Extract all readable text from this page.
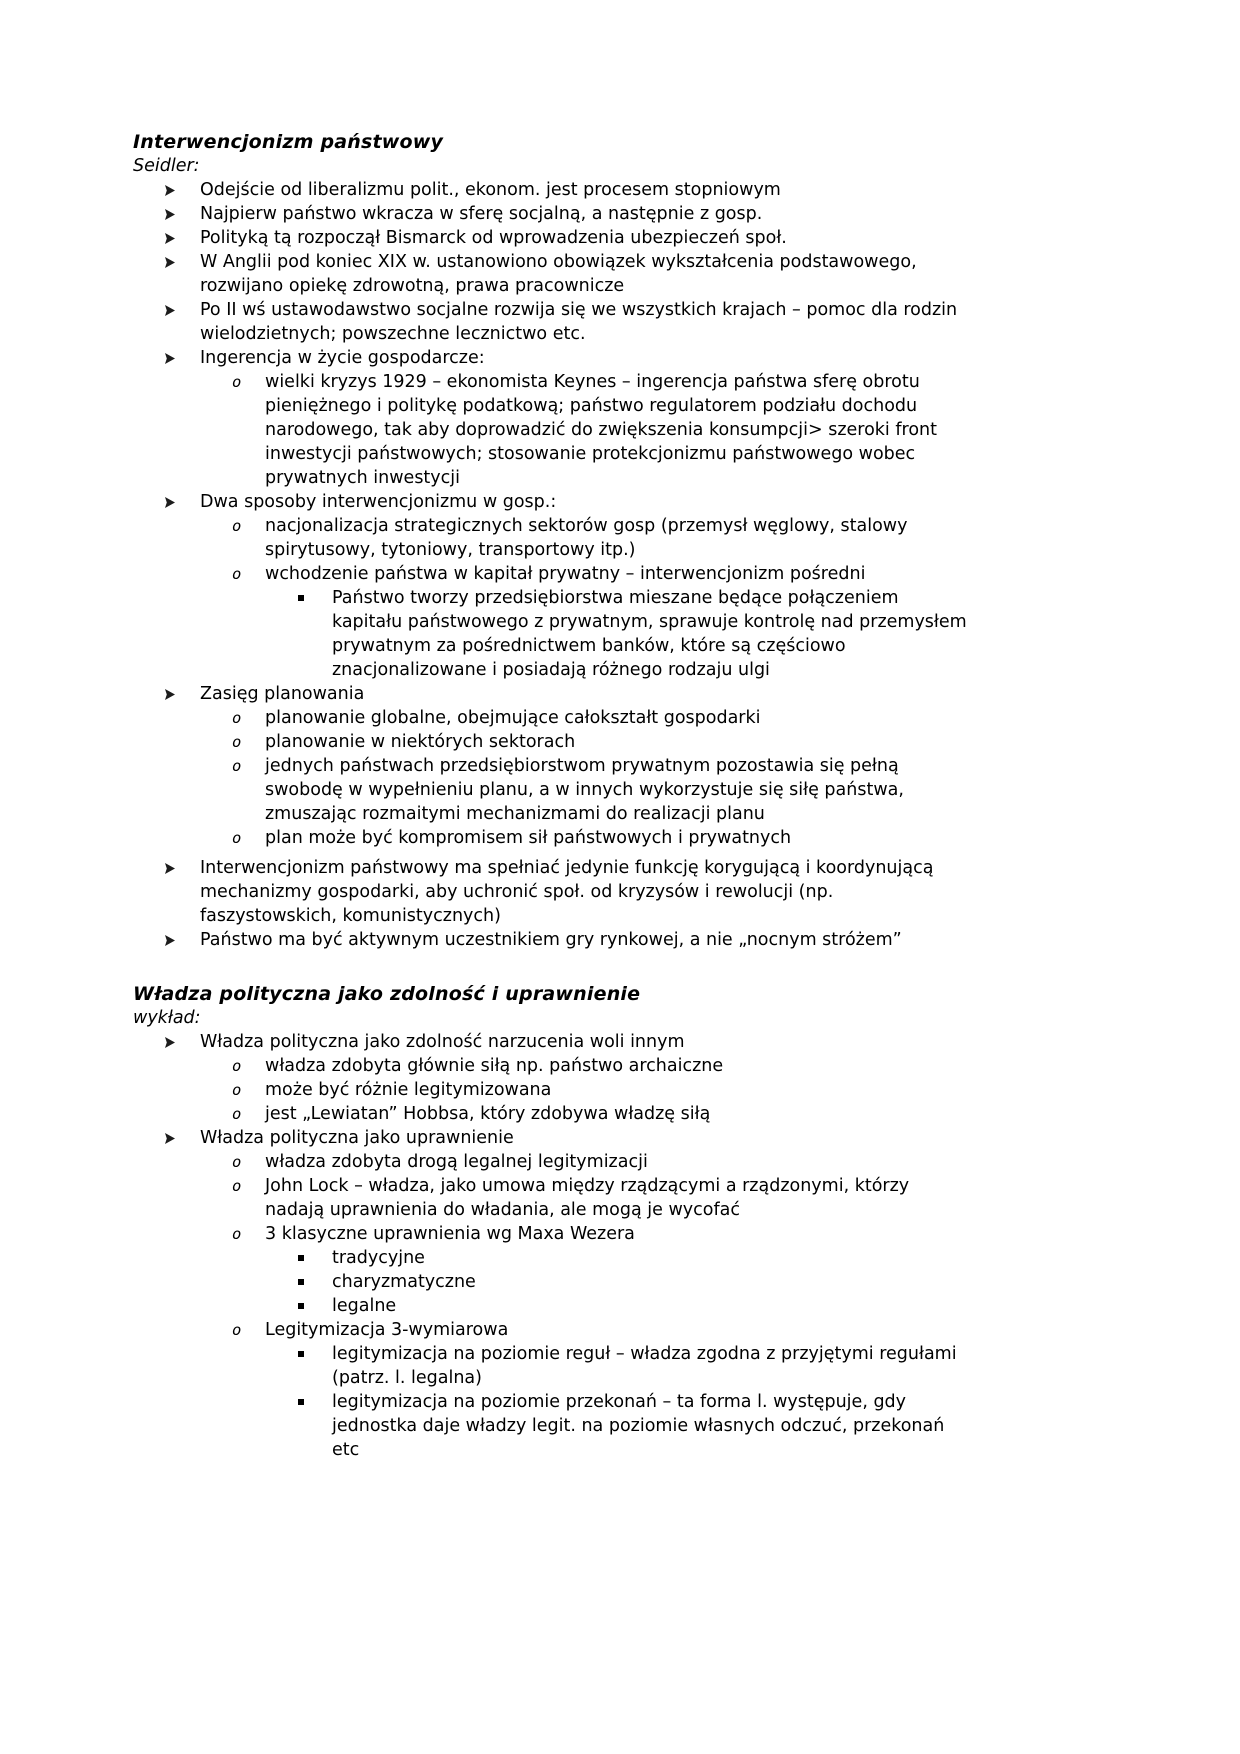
Interwencjonizm państwowy

Seidler:

Odejście od liberalizmu polit., ekonom. jest procesem stopniowym
Najpierw państwo wkracza w sferę socjalną, a następnie z gosp.
Polityką tą rozpoczął Bismarck od wprowadzenia ubezpieczeń społ.
W Anglii pod koniec XIX w. ustanowiono obowiązek wykształcenia podstawowego, rozwijano opiekę zdrowotną, prawa pracownicze
Po II wś ustawodawstwo socjalne rozwija się we wszystkich krajach – pomoc dla rodzin wielodzietnych; powszechne lecznictwo etc.
Ingerencja w życie gospodarcze:
o	wielki kryzys 1929 – ekonomista Keynes – ingerencja państwa sferę obrotu pieniężnego i politykę podatkową; państwo regulatorem podziału dochodu narodowego, tak aby doprowadzić do zwiększenia konsumpcji> szeroki front inwestycji państwowych; stosowanie protekcjonizmu państwowego wobec prywatnych inwestycji
Dwa sposoby interwencjonizmu w gosp.:
o	nacjonalizacja strategicznych sektorów gosp (przemysł węglowy, stalowy spirytusowy, tytoniowy, transportowy itp.)
o	wchodzenie państwa w kapitał prywatny – interwencjonizm pośredni
Państwo tworzy przedsiębiorstwa mieszane będące połączeniem kapitału państwowego z prywatnym, sprawuje kontrolę nad przemysłem prywatnym za pośrednictwem banków, które są częściowo znacjonalizowane i posiadają różnego rodzaju ulgi
Zasięg planowania
o	planowanie globalne, obejmujące całokształt gospodarki
o	planowanie w niektórych sektorach
o	jednych państwach przedsiębiorstwom prywatnym pozostawia się pełną swobodę w wypełnieniu planu, a w innych wykorzystuje się siłę państwa, zmuszając rozmaitymi mechanizmami do realizacji planu
o	plan może być kompromisem sił państwowych i prywatnych
Interwencjonizm państwowy ma spełniać jedynie funkcję korygującą i koordynującą mechanizmy gospodarki, aby uchronić społ. od kryzysów i rewolucji (np. faszystowskich, komunistycznych)
Państwo ma być aktywnym uczestnikiem gry rynkowej, a nie „nocnym stróżem”
Władza polityczna jako zdolność i uprawnienie

wykład:

Władza polityczna jako zdolność narzucenia woli innym
o	władza zdobyta głównie siłą np. państwo archaiczne
o	może być różnie legitymizowana
o	jest „Lewiatan” Hobbsa, który zdobywa władzę siłą
Władza polityczna jako uprawnienie
o	władza zdobyta drogą legalnej legitymizacji
o	John Lock – władza, jako umowa między rządzącymi a rządzonymi, którzy nadają uprawnienia do władania, ale mogą je wycofać
o	3 klasyczne uprawnienia wg Maxa Wezera
tradycyjne
charyzmatyczne
legalne
o	Legitymizacja 3-wymiarowa
legitymizacja na poziomie reguł – władza zgodna z przyjętymi regułami (patrz. l. legalna)
legitymizacja na poziomie przekonań – ta forma l. występuje, gdy jednostka daje władzy legit. na poziomie własnych odczuć, przekonań etc
